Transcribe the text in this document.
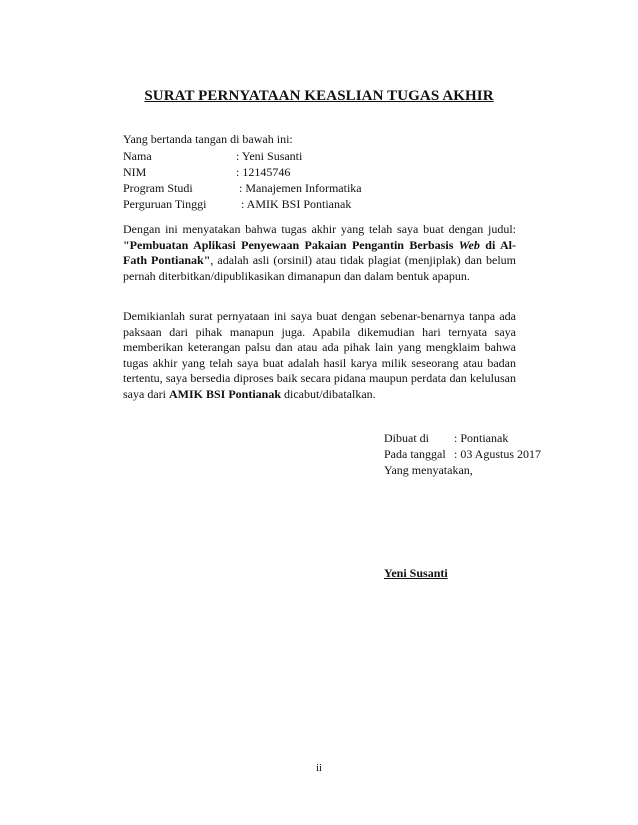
SURAT PERNYATAAN KEASLIAN TUGAS AKHIR
Yang bertanda tangan di bawah ini:
Nama	: Yeni Susanti
NIM	: 12145746
Program Studi	: Manajemen Informatika
Perguruan Tinggi	: AMIK BSI Pontianak

Dengan ini menyatakan bahwa tugas akhir yang telah saya buat dengan judul: "Pembuatan Aplikasi Penyewaan Pakaian Pengantin Berbasis Web di Al-Fath Pontianak", adalah asli (orsinil) atau tidak plagiat (menjiplak) dan belum pernah diterbitkan/dipublikasikan dimanapun dan dalam bentuk apapun.

Demikianlah surat pernyataan ini saya buat dengan sebenar-benarnya tanpa ada paksaan dari pihak manapun juga. Apabila dikemudian hari ternyata saya memberikan keterangan palsu dan atau ada pihak lain yang mengklaim bahwa tugas akhir yang telah saya buat adalah hasil karya milik seseorang atau badan tertentu, saya bersedia diproses baik secara pidana maupun perdata dan kelulusan saya dari AMIK BSI Pontianak dicabut/dibatalkan.

Dibuat di : Pontianak
Pada tanggal : 03 Agustus 2017
Yang menyatakan,
Yeni Susanti
ii
